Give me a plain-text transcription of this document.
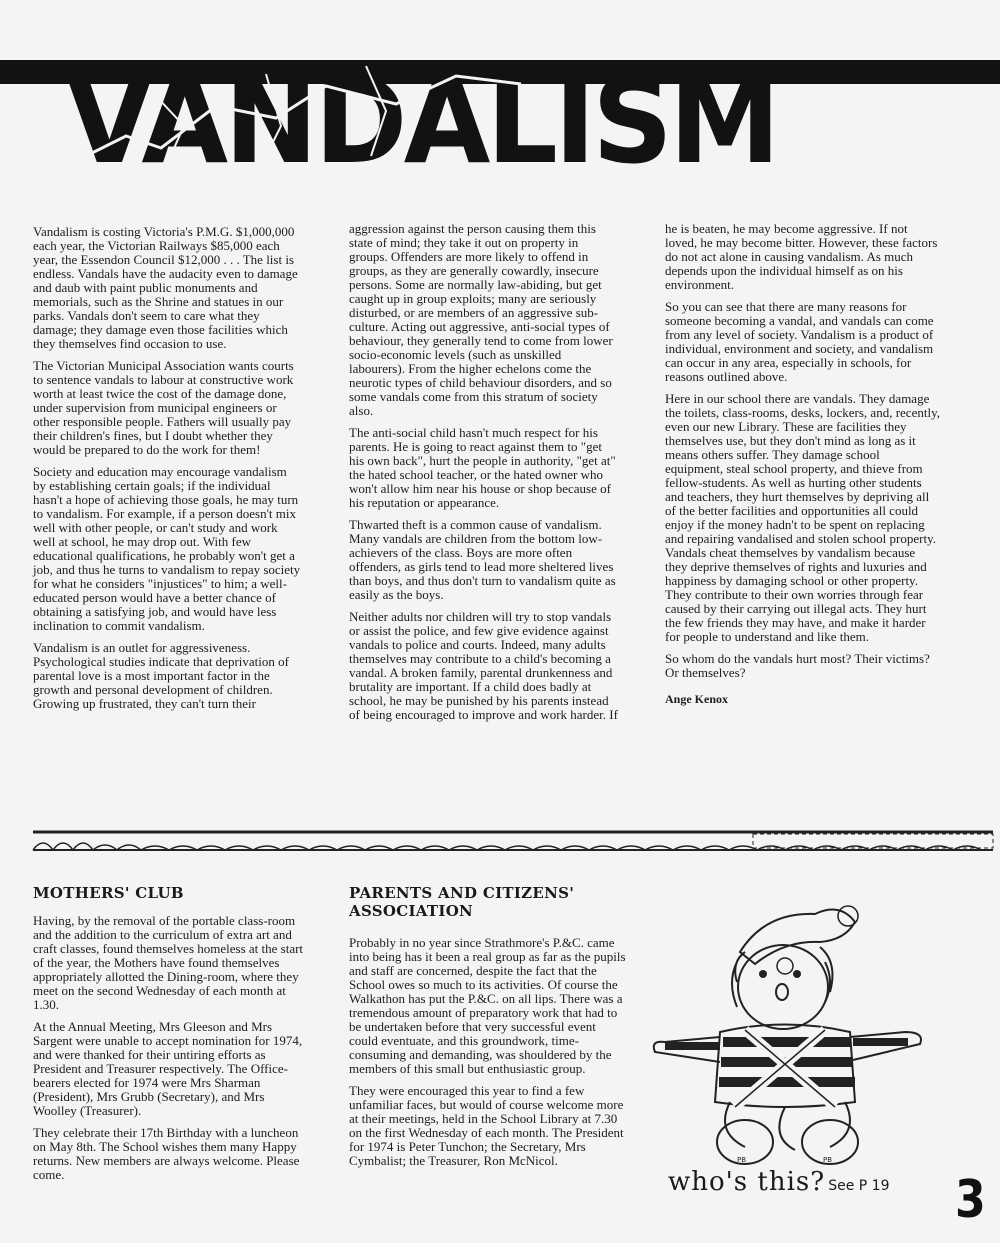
VANDALISM

Vandalism is costing Victoria's P.M.G. $1,000,000 each year, the Victorian Railways $85,000 each year, the Essendon Council $12,000 . . . The list is endless. Vandals have the audacity even to damage and daub with paint public monuments and memorials, such as the Shrine and statues in our parks. Vandals don't seem to care what they damage; they damage even those facilities which they themselves find occasion to use.

The Victorian Municipal Association wants courts to sentence vandals to labour at constructive work worth at least twice the cost of the damage done, under supervision from municipal engineers or other responsible people. Fathers will usually pay their children's fines, but I doubt whether they would be prepared to do the work for them!

Society and education may encourage vandalism by establishing certain goals; if the individual hasn't a hope of achieving those goals, he may turn to vandalism. For example, if a person doesn't mix well with other people, or can't study and work well at school, he may drop out. With few educational qualifications, he probably won't get a job, and thus he turns to vandalism to repay society for what he considers "injustices" to him; a well-educated person would have a better chance of obtaining a satisfying job, and would have less inclination to commit vandalism.

Vandalism is an outlet for aggressiveness. Psychological studies indicate that deprivation of parental love is a most important factor in the growth and personal development of children. Growing up frustrated, they can't turn their

aggression against the person causing them this state of mind; they take it out on property in groups. Offenders are more likely to offend in groups, as they are generally cowardly, insecure persons. Some are normally law-abiding, but get caught up in group exploits; many are seriously disturbed, or are members of an aggressive sub-culture. Acting out aggressive, anti-social types of behaviour, they generally tend to come from lower socio-economic levels (such as unskilled labourers). From the higher echelons come the neurotic types of child behaviour disorders, and so some vandals come from this stratum of society also.

The anti-social child hasn't much respect for his parents. He is going to react against them to "get his own back", hurt the people in authority, "get at" the hated school teacher, or the hated owner who won't allow him near his house or shop because of his reputation or appearance.

Thwarted theft is a common cause of vandalism. Many vandals are children from the bottom low-achievers of the class. Boys are more often offenders, as girls tend to lead more sheltered lives than boys, and thus don't turn to vandalism quite as easily as the boys.

Neither adults nor children will try to stop vandals or assist the police, and few give evidence against vandals to police and courts. Indeed, many adults themselves may contribute to a child's becoming a vandal. A broken family, parental drunkenness and brutality are important. If a child does badly at school, he may be punished by his parents instead of being encouraged to improve and work harder. If

he is beaten, he may become aggressive. If not loved, he may become bitter. However, these factors do not act alone in causing vandalism. As much depends upon the individual himself as on his environment.

So you can see that there are many reasons for someone becoming a vandal, and vandals can come from any level of society. Vandalism is a product of individual, environment and society, and vandalism can occur in any area, especially in schools, for reasons outlined above.

Here in our school there are vandals. They damage the toilets, class-rooms, desks, lockers, and, recently, even our new Library. These are facilities they themselves use, but they don't mind as long as it means others suffer. They damage school equipment, steal school property, and thieve from fellow-students. As well as hurting other students and teachers, they hurt themselves by depriving all of the better facilities and opportunities all could enjoy if the money hadn't to be spent on replacing and repairing vandalised and stolen school property. Vandals cheat themselves by vandalism because they deprive themselves of rights and luxuries and happiness by damaging school or other property. They contribute to their own worries through fear caused by their carrying out illegal acts. They hurt the few friends they may have, and make it harder for people to understand and like them.

So whom do the vandals hurt most? Their victims? Or themselves?

Ange Kenox
MOTHERS' CLUB

Having, by the removal of the portable class-room and the addition to the curriculum of extra art and craft classes, found themselves homeless at the start of the year, the Mothers have found themselves appropriately allotted the Dining-room, where they meet on the second Wednesday of each month at 1.30.

At the Annual Meeting, Mrs Gleeson and Mrs Sargent were unable to accept nomination for 1974, and were thanked for their untiring efforts as President and Treasurer respectively. The Office-bearers elected for 1974 were Mrs Sharman (President), Mrs Grubb (Secretary), and Mrs Woolley (Treasurer).

They celebrate their 17th Birthday with a luncheon on May 8th. The School wishes them many Happy returns. New members are always welcome. Please come.

PARENTS AND CITIZENS' ASSOCIATION

Probably in no year since Strathmore's P.&C. came into being has it been a real group as far as the pupils and staff are concerned, despite the fact that the School owes so much to its activities. Of course the Walkathon has put the P.&C. on all lips. There was a tremendous amount of preparatory work that had to be undertaken before that very successful event could eventuate, and this groundwork, time-consuming and demanding, was shouldered by the members of this small but enthusiastic group.

They were encouraged this year to find a few unfamiliar faces, but would of course welcome more at their meetings, held in the School Library at 7.30 on the first Wednesday of each month. The President for 1974 is Peter Tunchon; the Secretary, Mrs Cymbalist; the Treasurer, Ron McNicol.	PB	PB
who's this? See P 19	3
